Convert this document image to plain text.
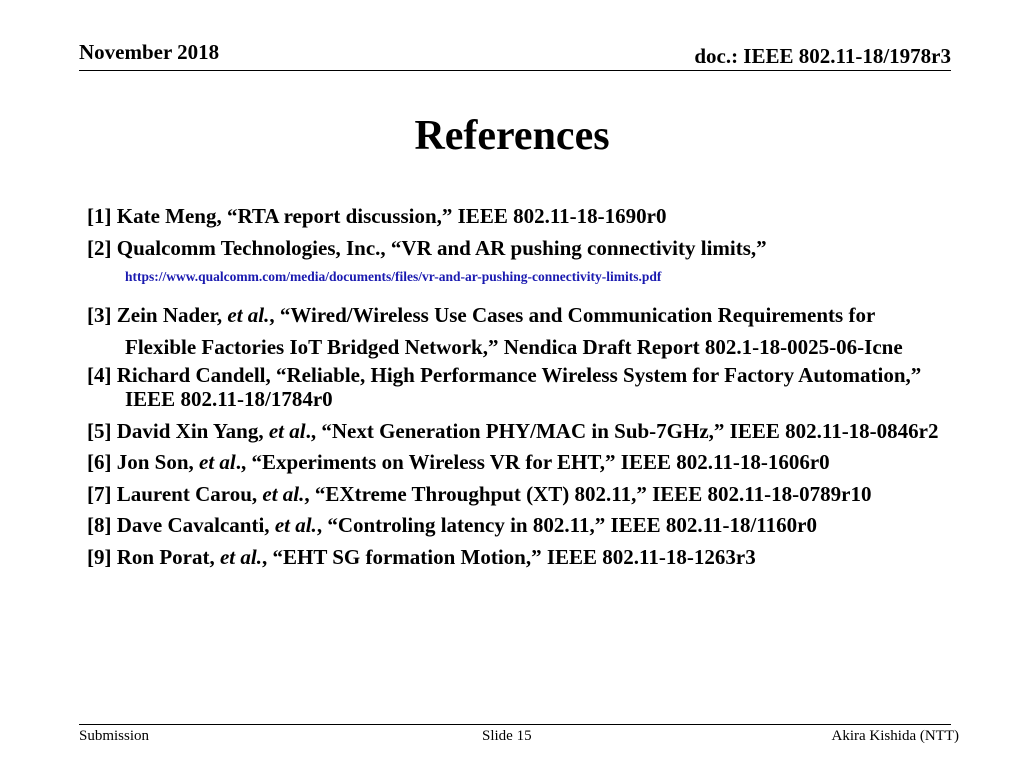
November 2018	doc.: IEEE 802.11-18/1978r3
References
[1] Kate Meng, “RTA report discussion,” IEEE 802.11-18-1690r0
[2] Qualcomm Technologies, Inc., “VR and AR pushing connectivity limits,”
https://www.qualcomm.com/media/documents/files/vr-and-ar-pushing-connectivity-limits.pdf
[3] Zein Nader, et al., “Wired/Wireless Use Cases and Communication Requirements for Flexible Factories IoT Bridged Network,” Nendica Draft Report 802.1-18-0025-06-Icne
[4] Richard Candell, “Reliable, High Performance Wireless System for Factory Automation,” IEEE 802.11-18/1784r0
[5] David Xin Yang, et al., “Next Generation PHY/MAC in Sub-7GHz,” IEEE 802.11-18-0846r2
[6] Jon Son, et al., “Experiments on Wireless VR for EHT,” IEEE 802.11-18-1606r0
[7] Laurent Carou, et al., “EXtreme Throughput (XT) 802.11,” IEEE 802.11-18-0789r10
[8] Dave Cavalcanti, et al., “Controling latency in 802.11,” IEEE 802.11-18/1160r0
[9] Ron Porat, et al., “EHT SG formation Motion,” IEEE 802.11-18-1263r3
Submission	Slide 15	Akira Kishida (NTT)
